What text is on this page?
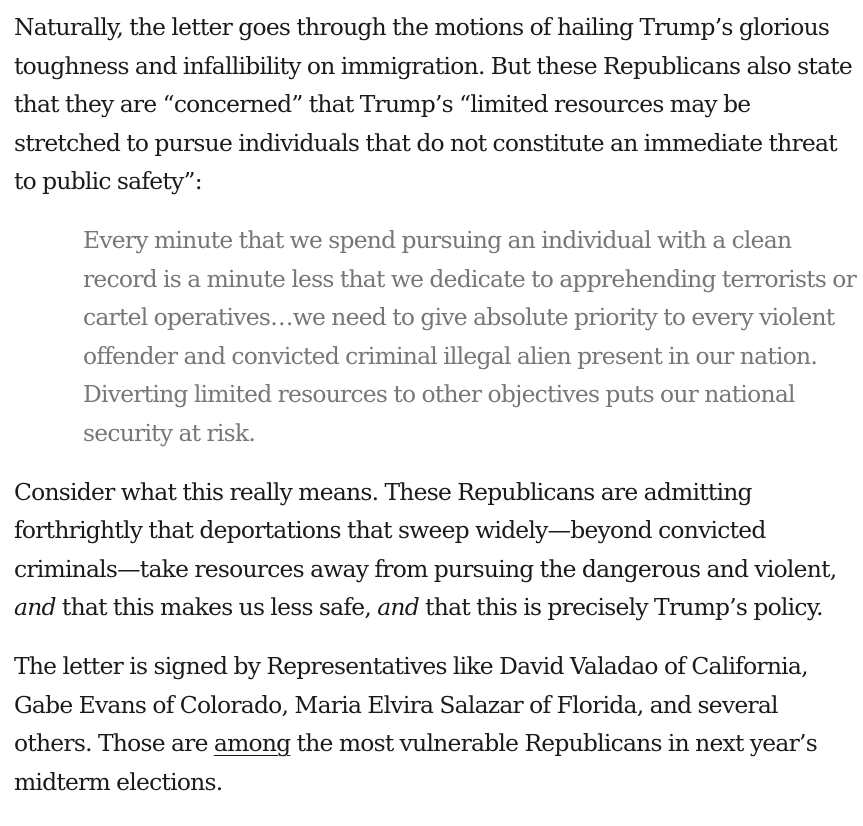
Naturally, the letter goes through the motions of hailing Trump’s glorious toughness and infallibility on immigration. But these Republicans also state that they are “concerned” that Trump’s “limited resources may be stretched to pursue individuals that do not constitute an immediate threat to public safety”:

Every minute that we spend pursuing an individual with a clean record is a minute less that we dedicate to apprehending terrorists or cartel operatives…we need to give absolute priority to every violent offender and convicted criminal illegal alien present in our nation. Diverting limited resources to other objectives puts our national security at risk.

Consider what this really means. These Republicans are admitting forthrightly that deportations that sweep widely—beyond convicted criminals—take resources away from pursuing the dangerous and violent, and that this makes us less safe, and that this is precisely Trump’s policy.

The letter is signed by Representatives like David Valadao of California, Gabe Evans of Colorado, Maria Elvira Salazar of Florida, and several others. Those are among the most vulnerable Republicans in next year’s midterm elections.
